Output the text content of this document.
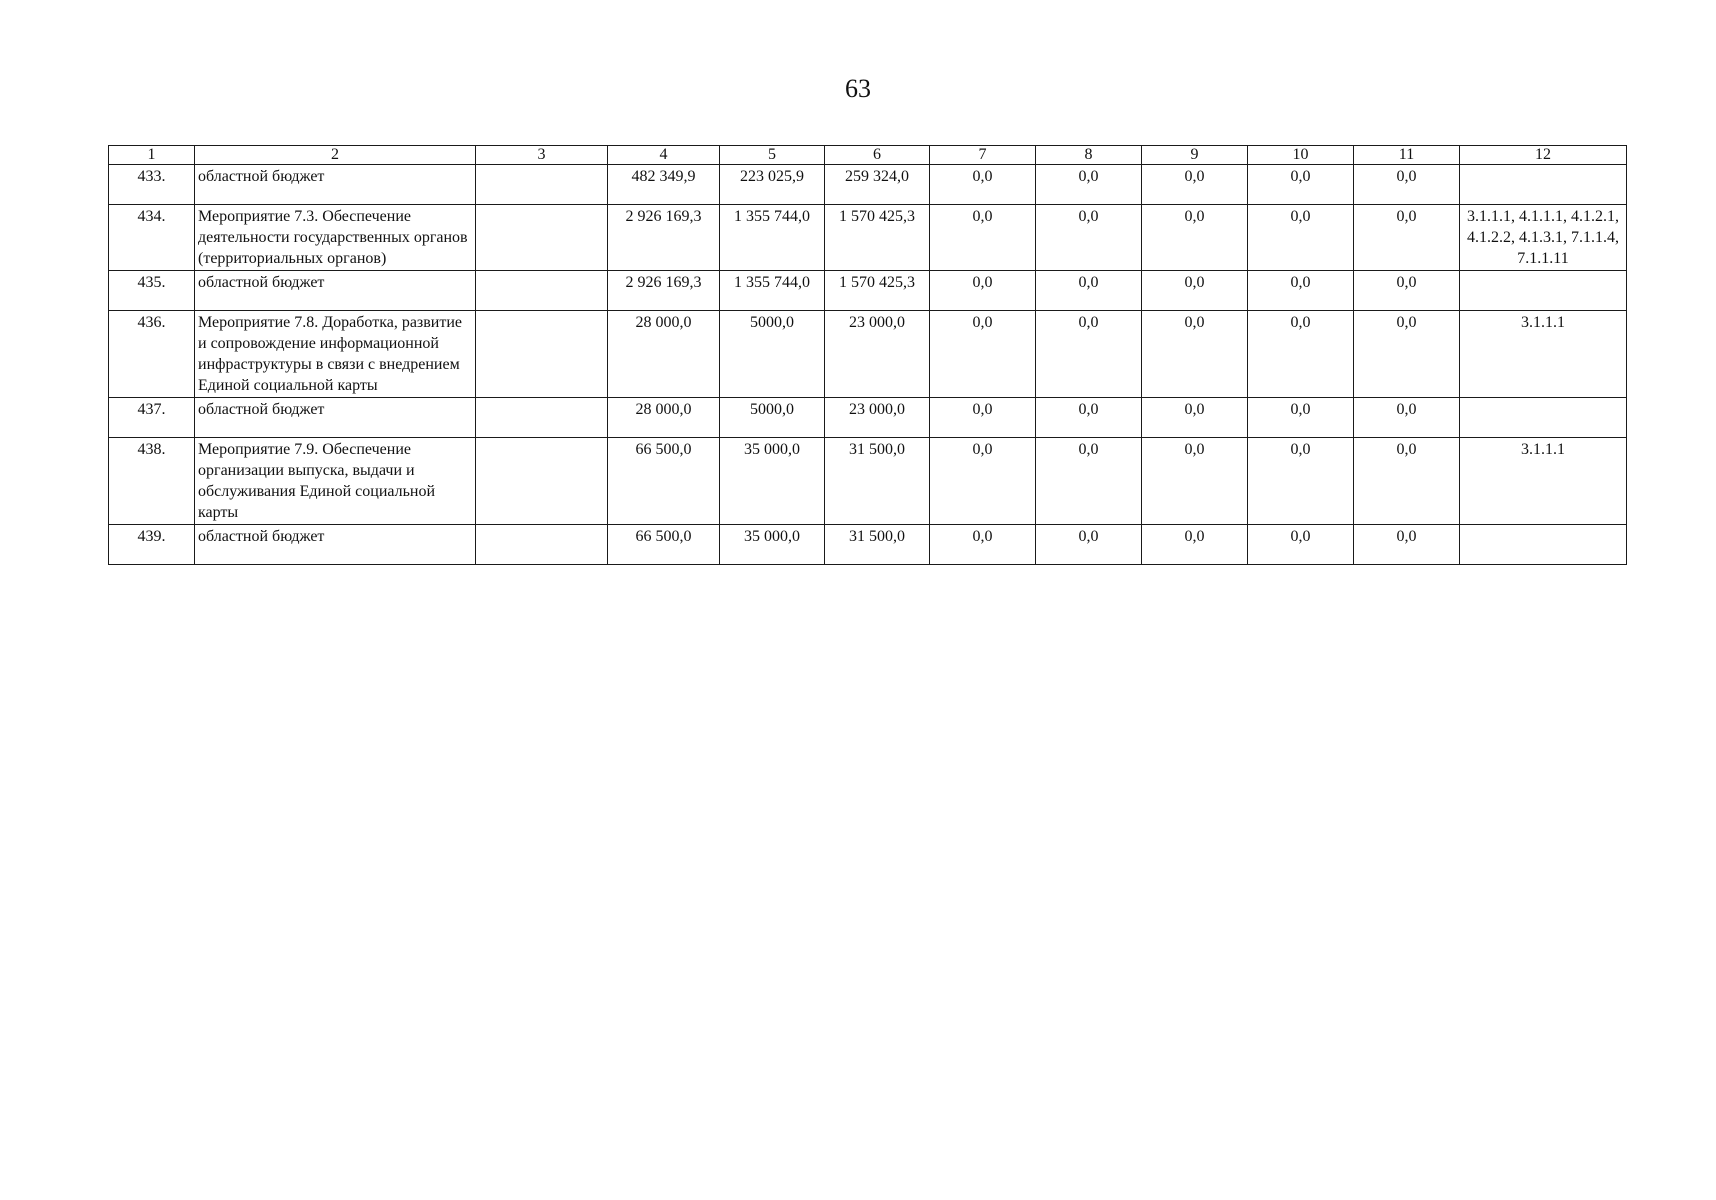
63
1	2	3	4	5	6	7	8	9	10	11	12
433.	областной бюджет		482 349,9	223 025,9	259 324,0	0,0	0,0	0,0	0,0	0,0	
434.	Мероприятие 7.3. Обеспечение деятельности государственных органов (территориальных органов)		2 926 169,3	1 355 744,0	1 570 425,3	0,0	0,0	0,0	0,0	0,0	3.1.1.1, 4.1.1.1, 4.1.2.1, 4.1.2.2, 4.1.3.1, 7.1.1.4, 7.1.1.11
435.	областной бюджет		2 926 169,3	1 355 744,0	1 570 425,3	0,0	0,0	0,0	0,0	0,0	
436.	Мероприятие 7.8. Доработка, развитие и сопровождение информационной инфраструктуры в связи с внедрением Единой социальной карты		28 000,0	5000,0	23 000,0	0,0	0,0	0,0	0,0	0,0	3.1.1.1
437.	областной бюджет		28 000,0	5000,0	23 000,0	0,0	0,0	0,0	0,0	0,0	
438.	Мероприятие 7.9. Обеспечение организации выпуска, выдачи и обслуживания Единой социальной карты		66 500,0	35 000,0	31 500,0	0,0	0,0	0,0	0,0	0,0	3.1.1.1
439.	областной бюджет		66 500,0	35 000,0	31 500,0	0,0	0,0	0,0	0,0	0,0	
